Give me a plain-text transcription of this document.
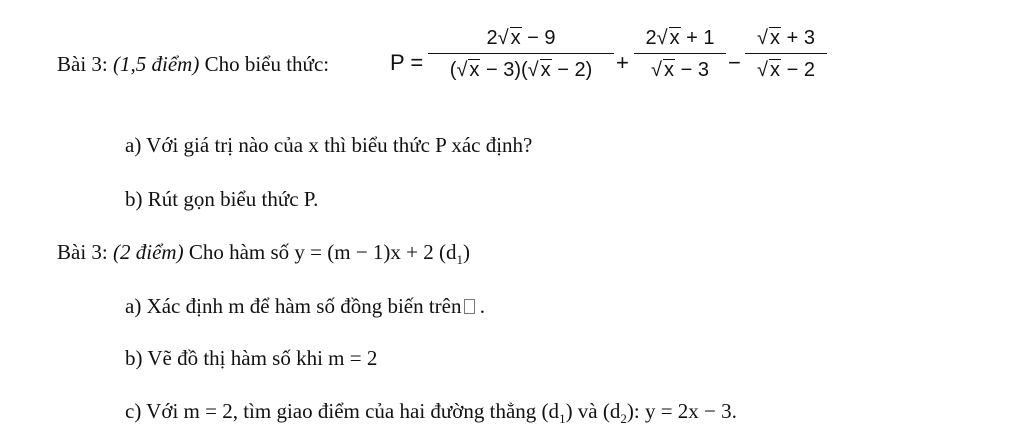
Bài 3: (1,5 điểm) Cho biểu thức:	P =
2√ x − 9
(√ x − 3)(√ x − 2)	+
2√ x + 1
√ x − 3 −
√ x + 3
√ x − 2
a) Với giá trị nào của x thì biểu thức P xác định?
b) Rút gọn biểu thức P.
Bài 3: (2 điểm) Cho hàm số y = (m − 1)x + 2 $(d_1)$
a) Xác định m để hàm số đồng biến trên .
b) Vẽ đồ thị hàm số khi m = 2
c) Với m = 2, tìm giao điểm của hai đường thẳng $(d_1)$ và $(d_2)$: y = 2x − 3.
